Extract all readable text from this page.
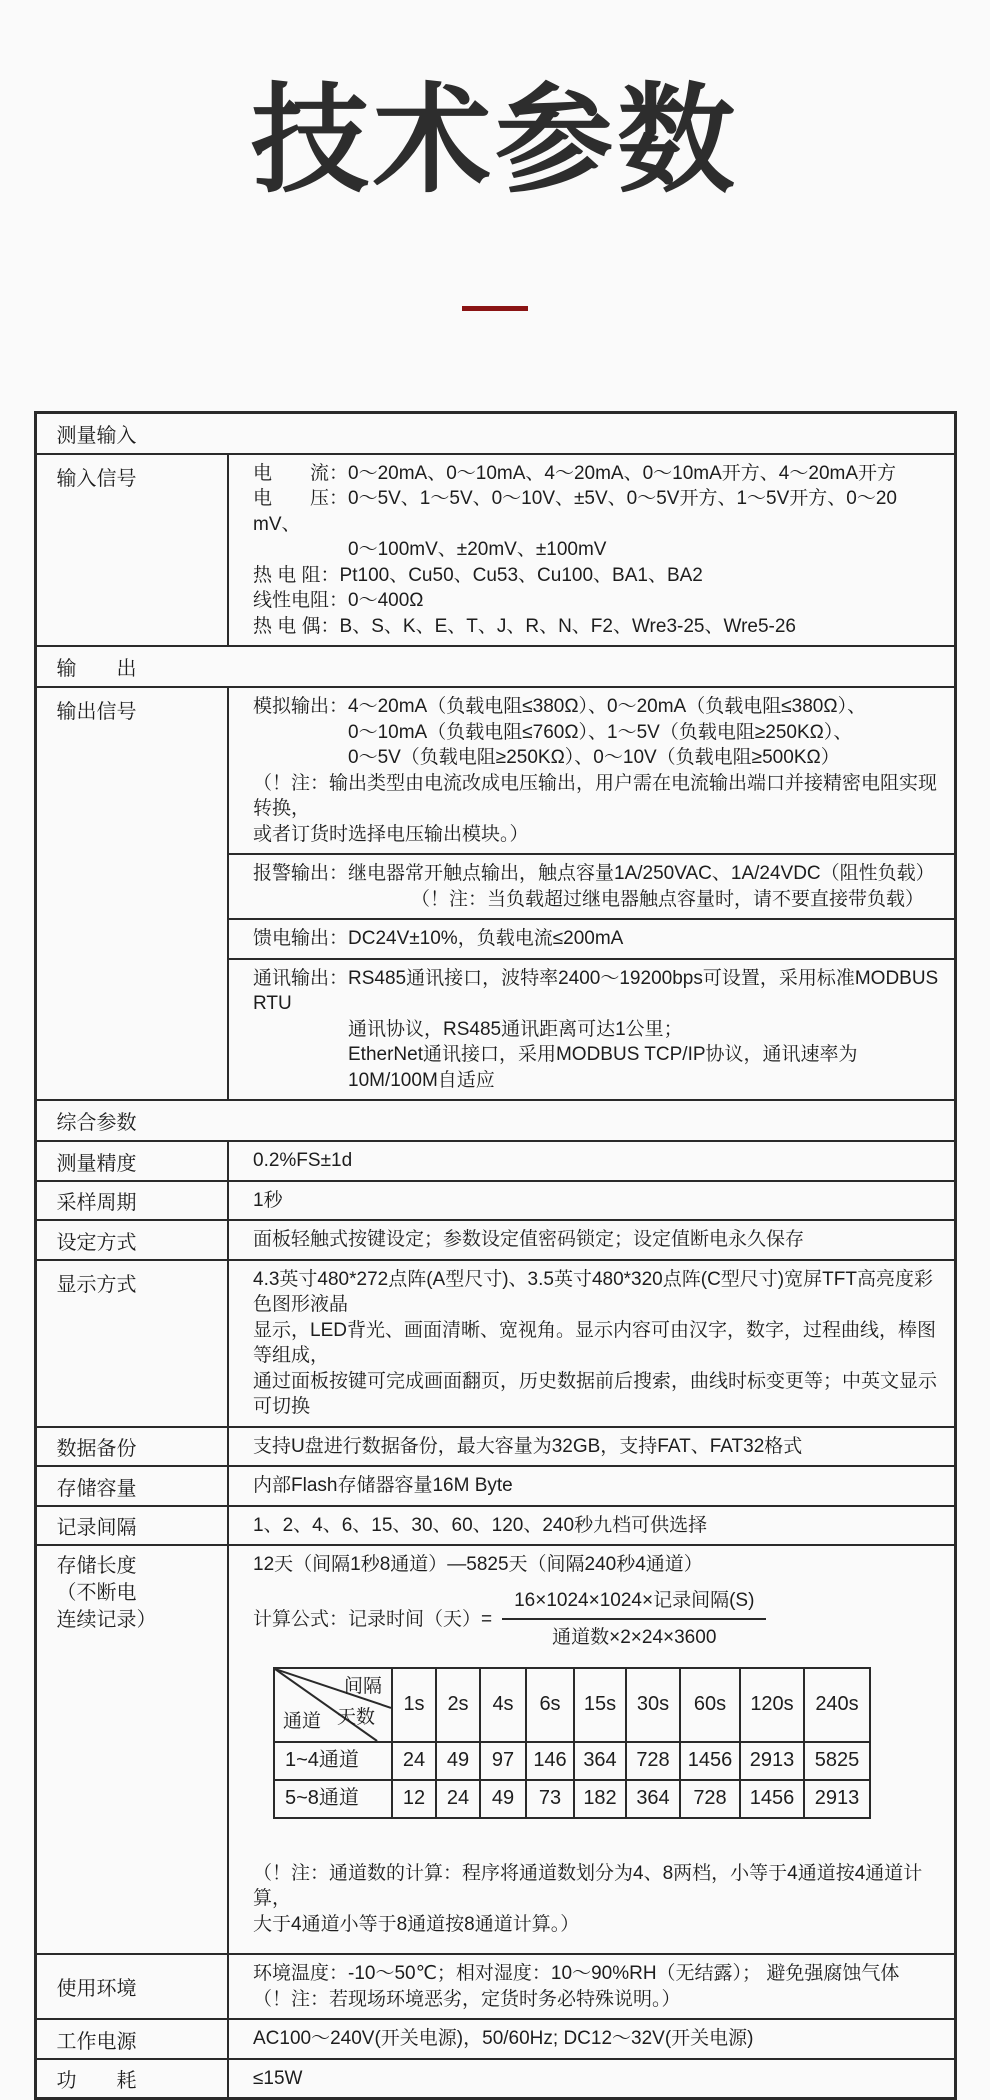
技术参数
测量输入
输入信号	电　　流：0～20mA、0～10mA、4～20mA、0～10mA开方、4～20mA开方
电　　压：0～5V、1～5V、0～10V、±5V、0～5V开方、1～5V开方、0～20 mV、
0～100mV、±20mV、±100mV
热 电 阻：Pt100、Cu50、Cu53、Cu100、BA1、BA2
线性电阻：0～400Ω
热 电 偶：B、S、K、E、T、J、R、N、F2、Wre3-25、Wre5-26

输　　出
输出信号	模拟输出：4～20mA（负载电阻≤380Ω）、0～20mA（负载电阻≤380Ω）、
0～10mA（负载电阻≤760Ω）、1～5V（负载电阻≥250KΩ）、
0～5V（负载电阻≥250KΩ）、0～10V（负载电阻≥500KΩ）
（！注：输出类型由电流改成电压输出，用户需在电流输出端口并接精密电阻实现转换，
或者订货时选择电压输出模块。）

报警输出：继电器常开触点输出，触点容量1A/250VAC、1A/24VDC（阻性负载）
（！注：当负载超过继电器触点容量时，请不要直接带负载）

馈电输出：DC24V±10%，负载电流≤200mA

通讯输出：RS485通讯接口，波特率2400～19200bps可设置，采用标准MODBUS RTU
通讯协议，RS485通讯距离可达1公里；
EtherNet通讯接口，采用MODBUS TCP/IP协议，通讯速率为10M/100M自适应

综合参数
测量精度	0.2%FS±1d
采样周期	1秒
设定方式	面板轻触式按键设定；参数设定值密码锁定；设定值断电永久保存
显示方式	4.3英寸480*272点阵(A型尺寸)、3.5英寸480*320点阵(C型尺寸)宽屏TFT高亮度彩色图形液晶
显示，LED背光、画面清晰、宽视角。显示内容可由汉字，数字，过程曲线，棒图等组成，
通过面板按键可完成画面翻页，历史数据前后搜索，曲线时标变更等；中英文显示可切换

数据备份	支持U盘进行数据备份，最大容量为32GB，支持FAT、FAT32格式
存储容量	内部Flash存储器容量16M Byte
记录间隔	1、2、4、6、15、30、60、120、240秒九档可供选择

存储长度
（不断电
连续记录）

12天（间隔1秒8通道）—5825天（间隔240秒4通道）
计算公式：记录时间（天）= $\frac{\text{16×1024×1024×记录间隔(S)}}{\text{通道数×2×24×3600}}$
间隔
天数
通道
	1s	2s	4s	6s	15s	30s	60s	120s	240s
1~4通道	24	49	97	146	364	728	1456	2913	5825
5~8通道	12	24	49	73	182	364	728	1456	2913
（！注：通道数的计算：程序将通道数划分为4、8两档，小等于4通道按4通道计算，
大于4通道小等于8通道按8通道计算。）

使用环境	
环境温度：-10～50℃；相对湿度：10～90%RH（无结露）； 避免强腐蚀气体
（！注：若现场环境恶劣，定货时务必特殊说明。）

工作电源	AC100～240V(开关电源)，50/60Hz; DC12～32V(开关电源)
功　　耗	≤15W
